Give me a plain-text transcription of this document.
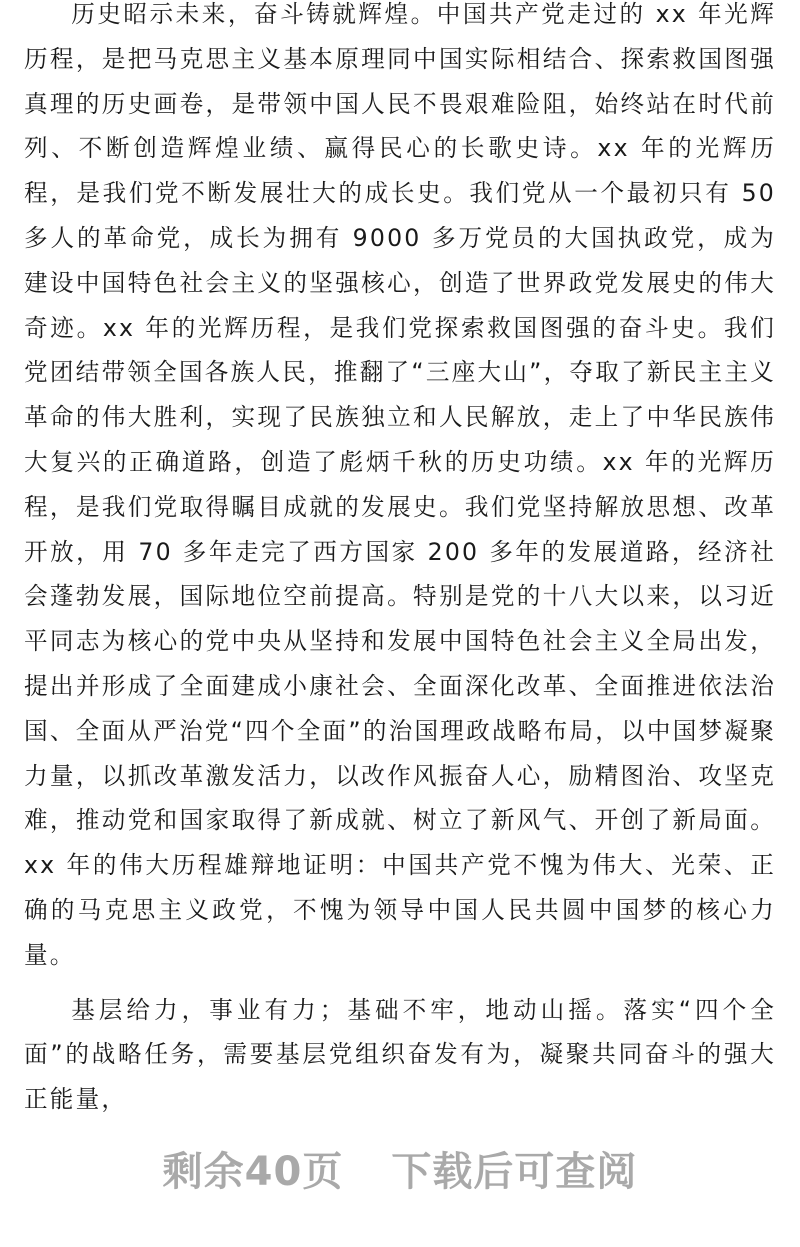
历史昭示未来，奋斗铸就辉煌。中国共产党走过的 xx 年光辉历程，是把马克思主义基本原理同中国实际相结合、探索救国图强真理的历史画卷，是带领中国人民不畏艰难险阻，始终站在时代前列、不断创造辉煌业绩、赢得民心的长歌史诗。xx 年的光辉历程，是我们党不断发展壮大的成长史。我们党从一个最初只有 50 多人的革命党，成长为拥有 9000 多万党员的大国执政党，成为建设中国特色社会主义的坚强核心，创造了世界政党发展史的伟大奇迹。xx 年的光辉历程，是我们党探索救国图强的奋斗史。我们党团结带领全国各族人民，推翻了“三座大山”，夺取了新民主主义革命的伟大胜利，实现了民族独立和人民解放，走上了中华民族伟大复兴的正确道路，创造了彪炳千秋的历史功绩。xx 年的光辉历程，是我们党取得瞩目成就的发展史。我们党坚持解放思想、改革开放，用 70 多年走完了西方国家 200 多年的发展道路，经济社会蓬勃发展，国际地位空前提高。特别是党的十八大以来，以习近平同志为核心的党中央从坚持和发展中国特色社会主义全局出发，提出并形成了全面建成小康社会、全面深化改革、全面推进依法治国、全面从严治党“四个全面”的治国理政战略布局，以中国梦凝聚力量，以抓改革激发活力，以改作风振奋人心，励精图治、攻坚克难，推动党和国家取得了新成就、树立了新风气、开创了新局面。xx 年的伟大历程雄辩地证明：中国共产党不愧为伟大、光荣、正确的马克思主义政党，不愧为领导中国人民共圆中国梦的核心力量。

基层给力，事业有力；基础不牢，地动山摇。落实“四个全面”的战略任务，需要基层党组织奋发有为，凝聚共同奋斗的强大正能量，

剩余40页 下载后可查阅
